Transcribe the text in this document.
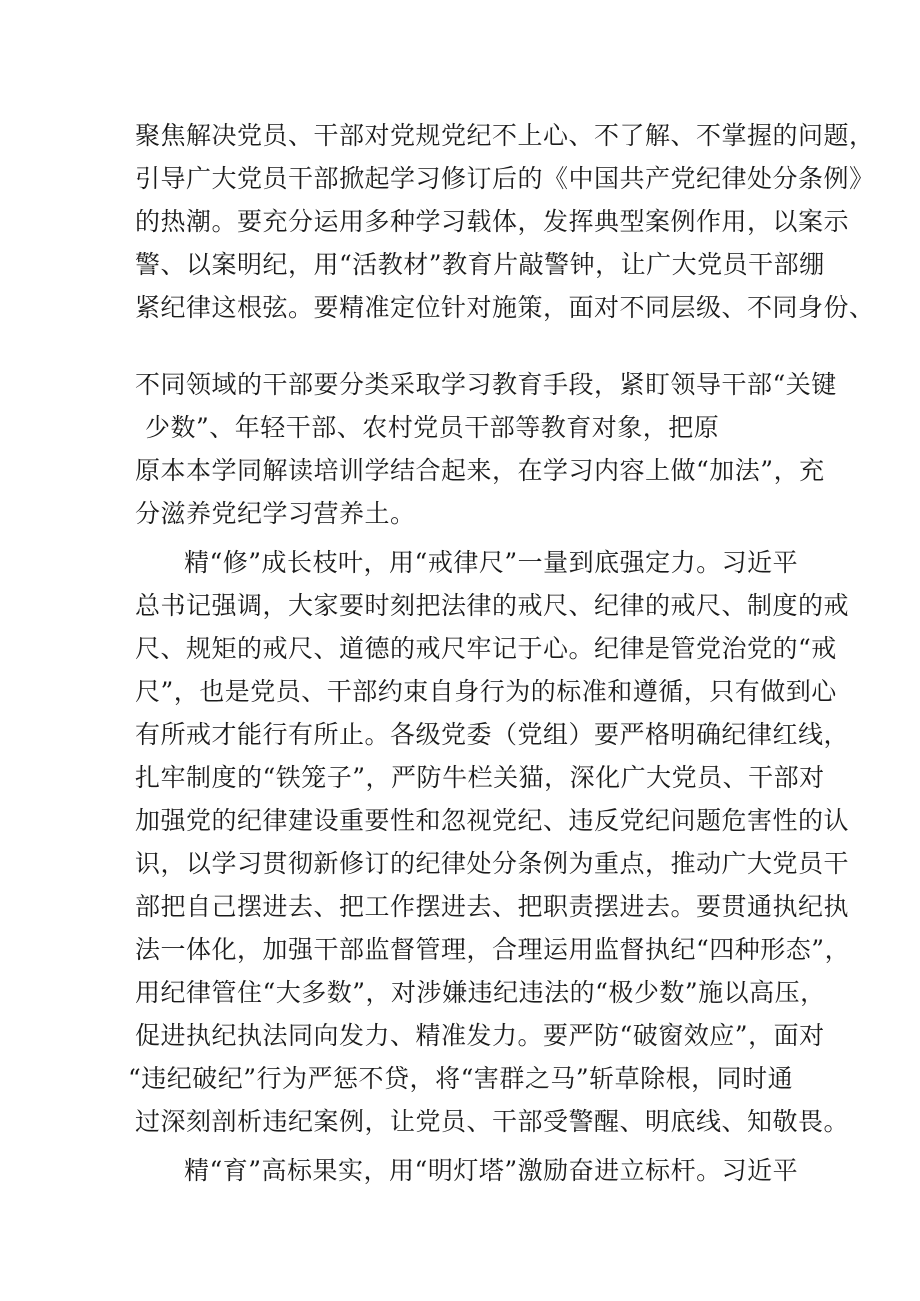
聚焦解决党员、干部对党规党纪不上心、不了解、不掌握的问题，
引导广大党员干部掀起学习修订后的《中国共产党纪律处分条例》
的热潮。要充分运用多种学习载体，发挥典型案例作用，以案示
警、以案明纪，用“活教材”教育片敲警钟，让广大党员干部绷
紧纪律这根弦。要精准定位针对施策，面对不同层级、不同身份、
不同领域的干部要分类采取学习教育手段，紧盯领导干部“关键
少数”、年轻干部、农村党员干部等教育对象，把原
原本本学同解读培训学结合起来，在学习内容上做“加法”，充
分滋养党纪学习营养土。
精“修”成长枝叶，用“戒律尺”一量到底强定力。习近平
总书记强调，大家要时刻把法律的戒尺、纪律的戒尺、制度的戒
尺、规矩的戒尺、道德的戒尺牢记于心。纪律是管党治党的“戒
尺”，也是党员、干部约束自身行为的标准和遵循，只有做到心
有所戒才能行有所止。各级党委（党组）要严格明确纪律红线，
扎牢制度的“铁笼子”，严防牛栏关猫，深化广大党员、干部对
加强党的纪律建设重要性和忽视党纪、违反党纪问题危害性的认
识，以学习贯彻新修订的纪律处分条例为重点，推动广大党员干
部把自己摆进去、把工作摆进去、把职责摆进去。要贯通执纪执
法一体化，加强干部监督管理，合理运用监督执纪“四种形态”，
用纪律管住“大多数”，对涉嫌违纪违法的“极少数”施以高压，
促进执纪执法同向发力、精准发力。要严防“破窗效应”，面对
“违纪破纪”行为严惩不贷，将“害群之马”斩草除根，同时通
过深刻剖析违纪案例，让党员、干部受警醒、明底线、知敬畏。
精“育”高标果实，用“明灯塔”激励奋进立标杆。习近平
